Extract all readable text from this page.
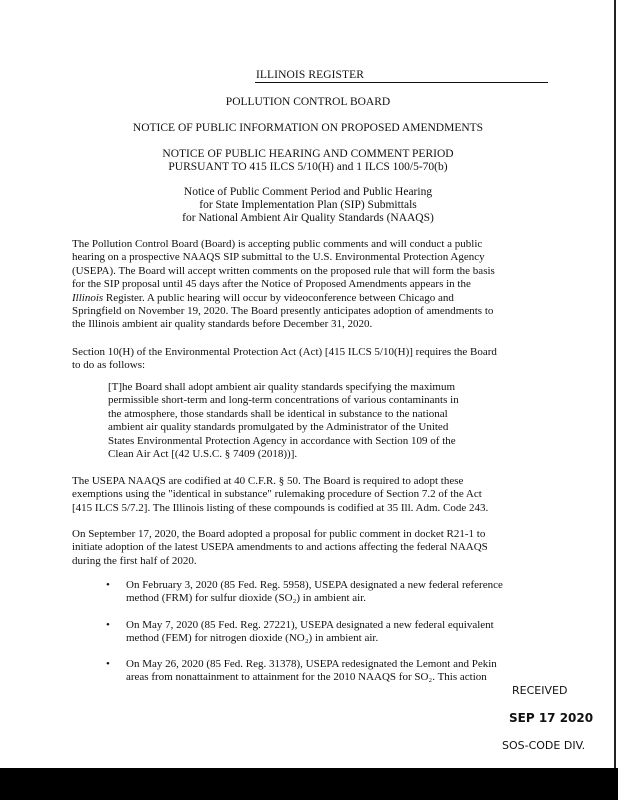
ILLINOIS REGISTER
POLLUTION CONTROL BOARD
NOTICE OF PUBLIC INFORMATION ON PROPOSED AMENDMENTS
NOTICE OF PUBLIC HEARING AND COMMENT PERIOD
PURSUANT TO 415 ILCS 5/10(H) and 1 ILCS 100/5-70(b)
Notice of Public Comment Period and Public Hearing
for State Implementation Plan (SIP) Submittals
for National Ambient Air Quality Standards (NAAQS)
The Pollution Control Board (Board) is accepting public comments and will conduct a public
hearing on a prospective NAAQS SIP submittal to the U.S. Environmental Protection Agency
(USEPA). The Board will accept written comments on the proposed rule that will form the basis
for the SIP proposal until 45 days after the Notice of Proposed Amendments appears in the
Illinois Register. A public hearing will occur by videoconference between Chicago and
Springfield on November 19, 2020. The Board presently anticipates adoption of amendments to
the Illinois ambient air quality standards before December 31, 2020.
Section 10(H) of the Environmental Protection Act (Act) [415 ILCS 5/10(H)] requires the Board
to do as follows:
[T]he Board shall adopt ambient air quality standards specifying the maximum
permissible short-term and long-term concentrations of various contaminants in
the atmosphere, those standards shall be identical in substance to the national
ambient air quality standards promulgated by the Administrator of the United
States Environmental Protection Agency in accordance with Section 109 of the
Clean Air Act [(42 U.S.C. § 7409 (2018))].
The USEPA NAAQS are codified at 40 C.F.R. § 50. The Board is required to adopt these
exemptions using the "identical in substance" rulemaking procedure of Section 7.2 of the Act
[415 ILCS 5/7.2]. The Illinois listing of these compounds is codified at 35 Ill. Adm. Code 243.
On September 17, 2020, the Board adopted a proposal for public comment in docket R21-1 to
initiate adoption of the latest USEPA amendments to and actions affecting the federal NAAQS
during the first half of 2020.
• On February 3, 2020 (85 Fed. Reg. 5958), USEPA designated a new federal reference
method (FRM) for sulfur dioxide (SO₂) in ambient air.
• On May 7, 2020 (85 Fed. Reg. 27221), USEPA designated a new federal equivalent
method (FEM) for nitrogen dioxide (NO₂) in ambient air.
• On May 26, 2020 (85 Fed. Reg. 31378), USEPA redesignated the Lemont and Pekin
areas from nonattainment to attainment for the 2010 NAAQS for SO₂. This action
RECEIVED
SEP 17 2020
SOS-CODE DIV.
